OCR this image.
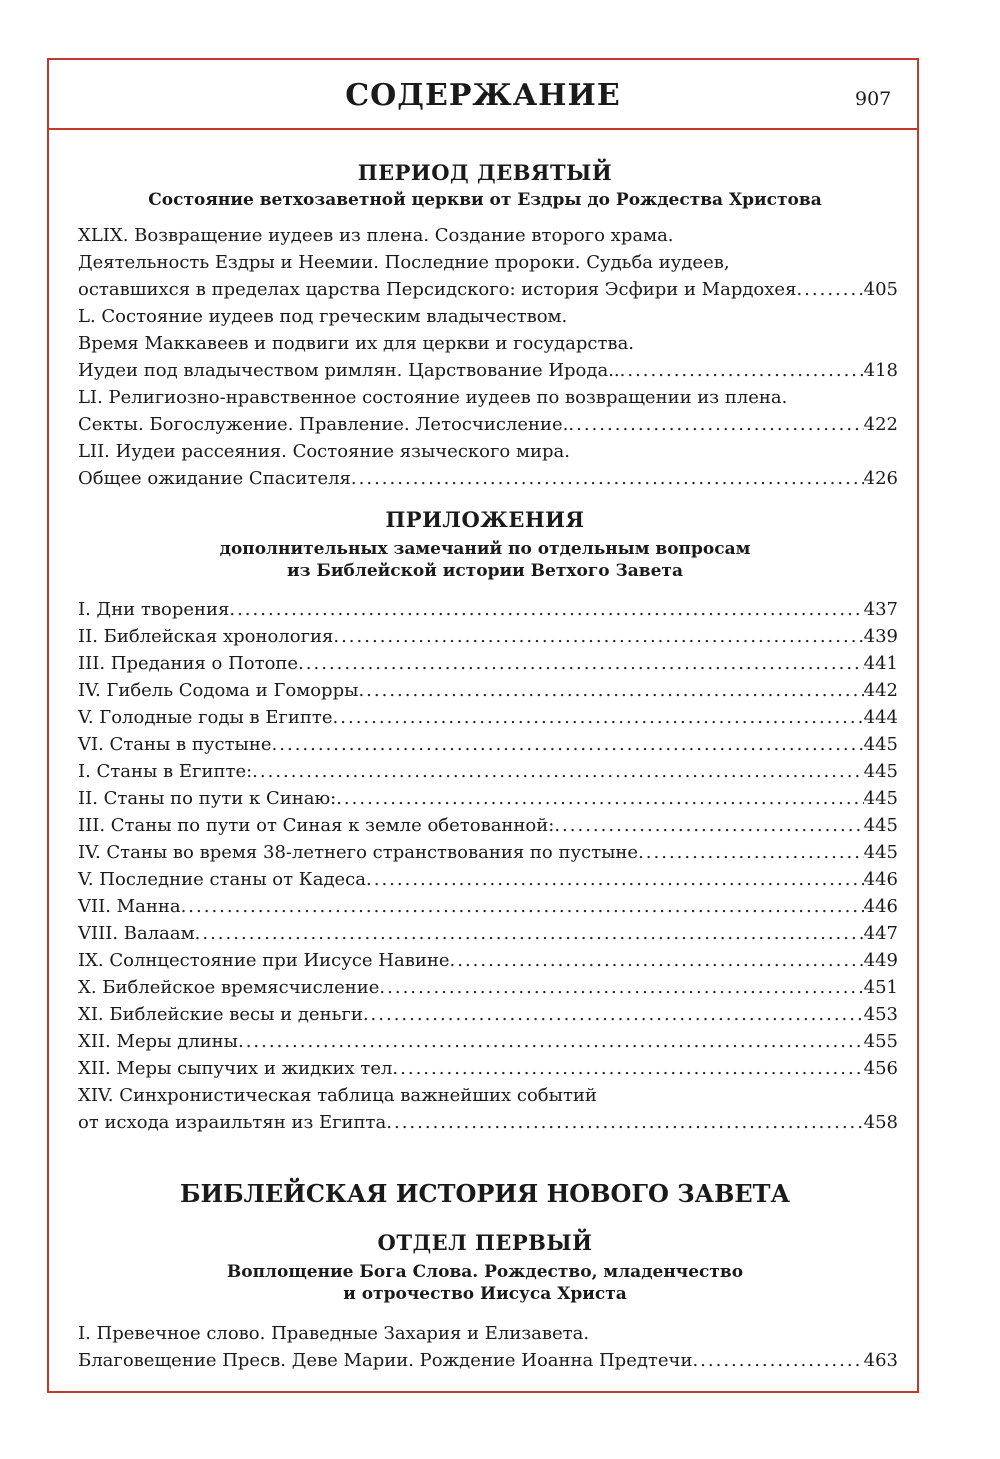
СОДЕРЖАНИЕ	907
ПЕРИОД ДЕВЯТЫЙ
Состояние ветхозаветной церкви от Ездры до Рождества Христова
XLIX. Возвращение иудеев из плена. Создание второго храма.
Деятельность Ездры и Неемии. Последние пророки. Судьба иудеев,
оставшихся в пределах царства Персидского: история Эсфири и Мардохея .....	405
L. Состояние иудеев под греческим владычеством.
Время Маккавеев и подвиги их для церкви и государства.
Иудеи под владычеством римлян. Царствование Ирода.. .....	418
LI. Религиозно-нравственное состояние иудеев по возвращении из плена.
Секты. Богослужение. Правление. Летосчисление. .....	422
LII. Иудеи рассеяния. Состояние языческого мира.
Общее ожидание Спасителя .....	426
ПРИЛОЖЕНИЯ
дополнительных замечаний по отдельным вопросам
из Библейской истории Ветхого Завета
I. Дни творения .....	437
II. Библейская хронология .....	439
III. Предания о Потопе .....	441
IV. Гибель Содома и Гоморры .....	442
V. Голодные годы в Египте .....	444
VI. Станы в пустыне .....	445
I. Станы в Египте: .....	445
II. Станы по пути к Синаю: .....	445
III. Станы по пути от Синая к земле обетованной: .....	445
IV. Станы во время 38-летнего странствования по пустыне .....	445
V. Последние станы от Кадеса .....	446
VII. Манна .....	446
VIII. Валаам .....	447
IX. Солнцестояние при Иисусе Навине .....	449
X. Библейское времясчисление .....	451
XI. Библейские весы и деньги .....	453
XII. Меры длины .....	455
XII. Меры сыпучих и жидких тел .....	456
XIV. Синхронистическая таблица важнейших событий
от исхода израильтян из Египта .....	458
БИБЛЕЙСКАЯ ИСТОРИЯ НОВОГО ЗАВЕТА
ОТДЕЛ ПЕРВЫЙ
Воплощение Бога Слова. Рождество, младенчество
и отрочество Иисуса Христа
I. Превечное слово. Праведные Захария и Елизавета.
Благовещение Пресв. Деве Марии. Рождение Иоанна Предтечи .....	463
